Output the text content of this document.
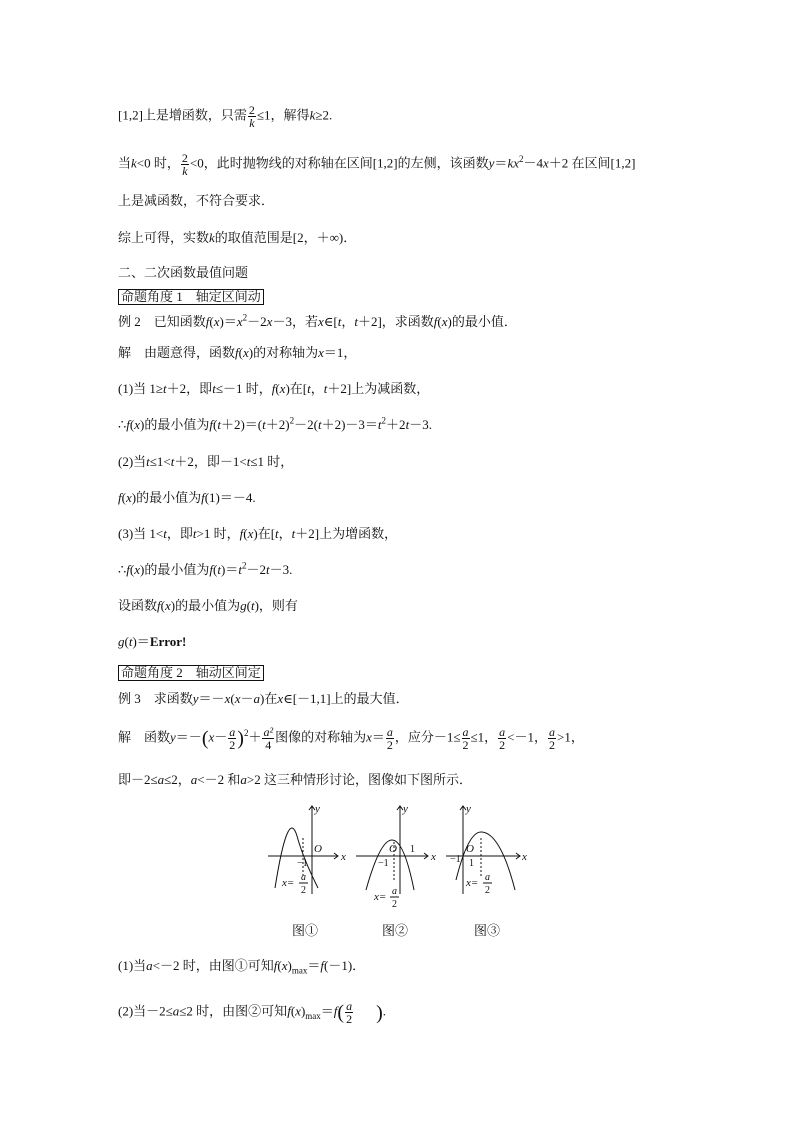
[1,2]上是增函数，只需 $\frac{2}{k} \le 1$，解得k≥2.
当k<0 时， $\frac{2}{k} <0$，此时抛物线的对称轴在区间[1,2]的左侧，该函数$y=kx^2-4x+2$ 在区间[1,2]
上是减函数，不符合要求．
综上可得，实数k的取值范围是[2，＋∞)．
二、二次函数最值问题
命题角度 1　轴定区间动
例 2　已知函数$f(x)=x^2-2x-3$，若x∈[t，t＋2]，求函数f(x)的最小值．
解　由题意得，函数f(x)的对称轴为x＝1，
(1)当 1≥t＋2，即t≤－1 时，f(x)在[t，t＋2]上为减函数，
∴f(x)的最小值为$f(t+2)=(t+2)^2-2(t+2)-3=t^2+2t-3$.
(2)当t≤1<t＋2，即－1<t≤1 时，
f(x)的最小值为f(1)＝－4.
(3)当 1<t，即t>1 时，f(x)在[t，t＋2]上为增函数，
∴f(x)的最小值为$f(t)=t^2-2t-3$.
设函数f(x)的最小值为g(t)，则有
g(t)＝Error!
命题角度 2　轴动区间定
例 3　求函数y＝－x(x－a)在x∈[－1,1]上的最大值．
解　函数$y=-(x- \frac{a}{2} )^2+ \frac{\text{a²}}{4}$ 图像的对称轴为$x= \frac{a}{2}$ ，应分$-1\le \frac{a}{2} \le 1$， $\frac{a}{2} <-1$， $\frac{a}{2} >1$，
即－2≤a≤2，a<－2 和a>2 这三种情形讨论，图像如下图所示．
y
x
O
−1
x= a
2
y
x
O 1
−1
x= a
2
y
x
O
−1 1
x= a
2
图①	图②	图③
(1)当a<－2 时，由图①可知$f(x)_{max}=f(-1)$．
(2)当－2≤a≤2 时，由图②可知$f(x)_{max}=f( \frac{a}{2}$ ).
